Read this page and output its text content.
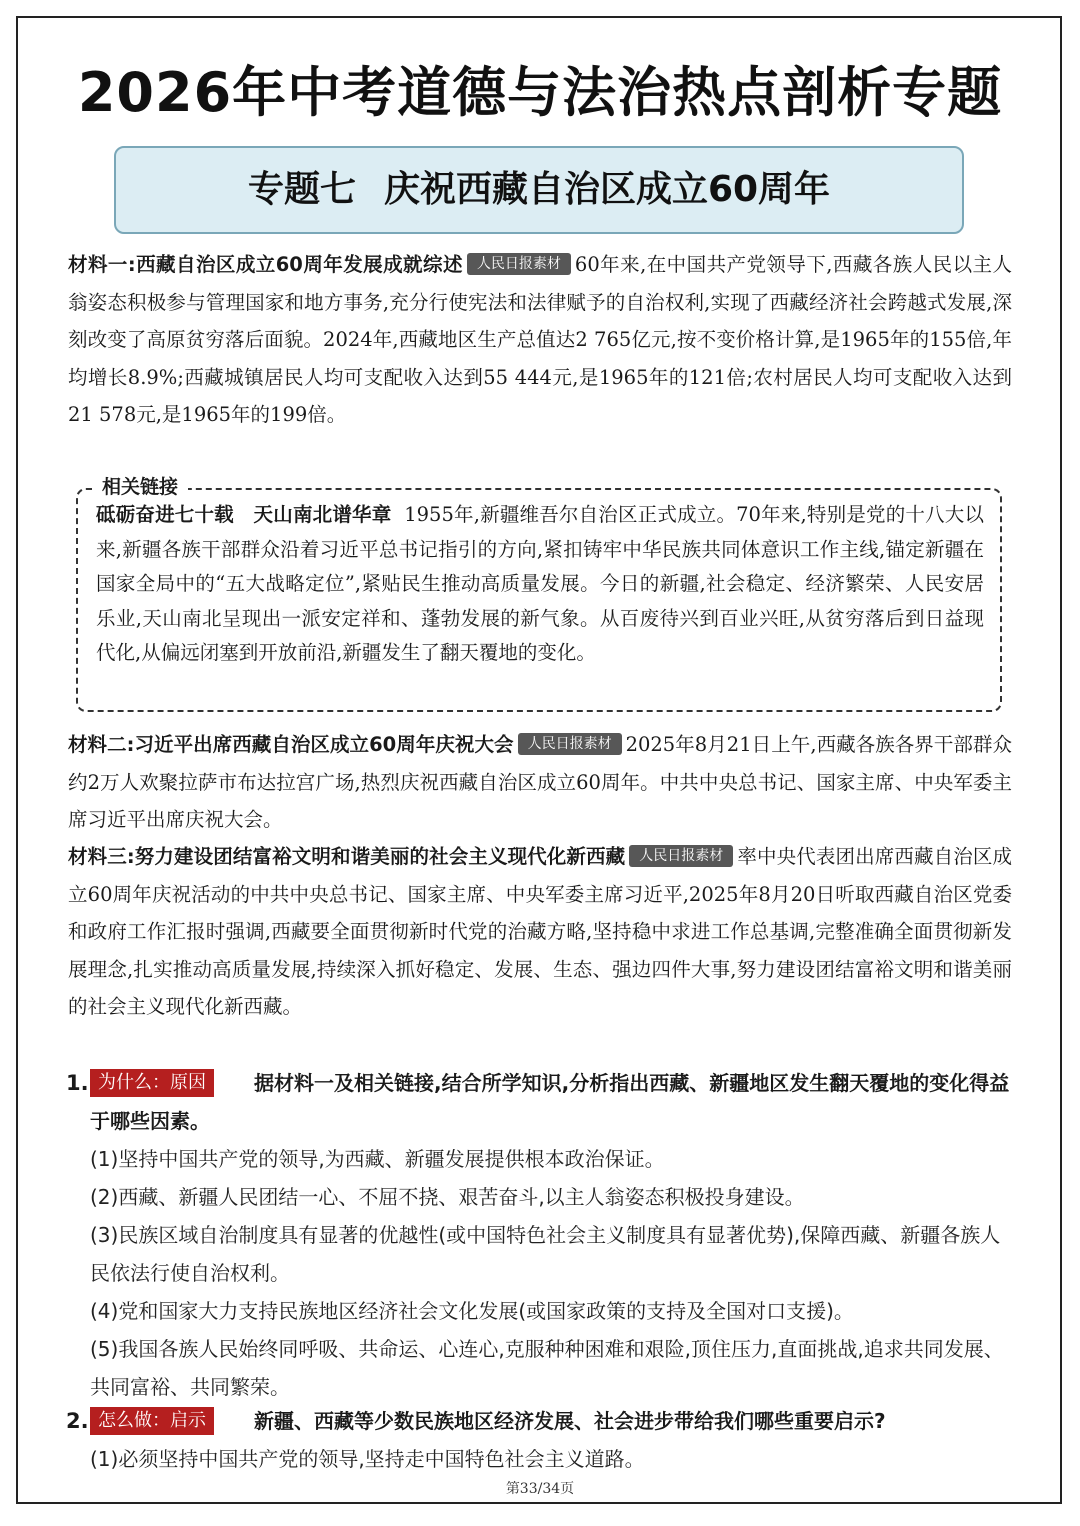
2026年中考道德与法治热点剖析专题
专题七 庆祝西藏自治区成立60周年

材料一:西藏自治区成立60周年发展成就综述 人民日报素材 60年来,在中国共产党领导下,西藏各族人民以主人翁姿态积极参与管理国家和地方事务,充分行使宪法和法律赋予的自治权利,实现了西藏经济社会跨越式发展,深刻改变了高原贫穷落后面貌。2024年,西藏地区生产总值达2 765亿元,按不变价格计算,是1965年的155倍,年均增长8.9%;西藏城镇居民人均可支配收入达到55 444元,是1965年的121倍;农村居民人均可支配收入达到21 578元,是1965年的199倍。

相关链接

砥砺奋进七十载　天山南北谱华章 1955年,新疆维吾尔自治区正式成立。70年来,特别是党的十八大以来,新疆各族干部群众沿着习近平总书记指引的方向,紧扣铸牢中华民族共同体意识工作主线,锚定新疆在国家全局中的“五大战略定位”,紧贴民生推动高质量发展。今日的新疆,社会稳定、经济繁荣、人民安居乐业,天山南北呈现出一派安定祥和、蓬勃发展的新气象。从百废待兴到百业兴旺,从贫穷落后到日益现代化,从偏远闭塞到开放前沿,新疆发生了翻天覆地的变化。

材料二:习近平出席西藏自治区成立60周年庆祝大会 人民日报素材 2025年8月21日上午,西藏各族各界干部群众约2万人欢聚拉萨市布达拉宫广场,热烈庆祝西藏自治区成立60周年。中共中央总书记、国家主席、中央军委主席习近平出席庆祝大会。

材料三:努力建设团结富裕文明和谐美丽的社会主义现代化新西藏 人民日报素材 率中央代表团出席西藏自治区成立60周年庆祝活动的中共中央总书记、国家主席、中央军委主席习近平,2025年8月20日听取西藏自治区党委和政府工作汇报时强调,西藏要全面贯彻新时代党的治藏方略,坚持稳中求进工作总基调,完整准确全面贯彻新发展理念,扎实推动高质量发展,持续深入抓好稳定、发展、生态、强边四件大事,努力建设团结富裕文明和谐美丽的社会主义现代化新西藏。

1. 为什么：原因	据材料一及相关链接,结合所学知识,分析指出西藏、新疆地区发生翻天覆地的变化得益于哪些因素。

(1)坚持中国共产党的领导,为西藏、新疆发展提供根本政治保证。

(2)西藏、新疆人民团结一心、不屈不挠、艰苦奋斗,以主人翁姿态积极投身建设。

(3)民族区域自治制度具有显著的优越性(或中国特色社会主义制度具有显著优势),保障西藏、新疆各族人民依法行使自治权利。

(4)党和国家大力支持民族地区经济社会文化发展(或国家政策的支持及全国对口支援)。

(5)我国各族人民始终同呼吸、共命运、心连心,克服种种困难和艰险,顶住压力,直面挑战,追求共同发展、共同富裕、共同繁荣。

2. 怎么做：启示	新疆、西藏等少数民族地区经济发展、社会进步带给我们哪些重要启示?

(1)必须坚持中国共产党的领导,坚持走中国特色社会主义道路。

第33/34页
